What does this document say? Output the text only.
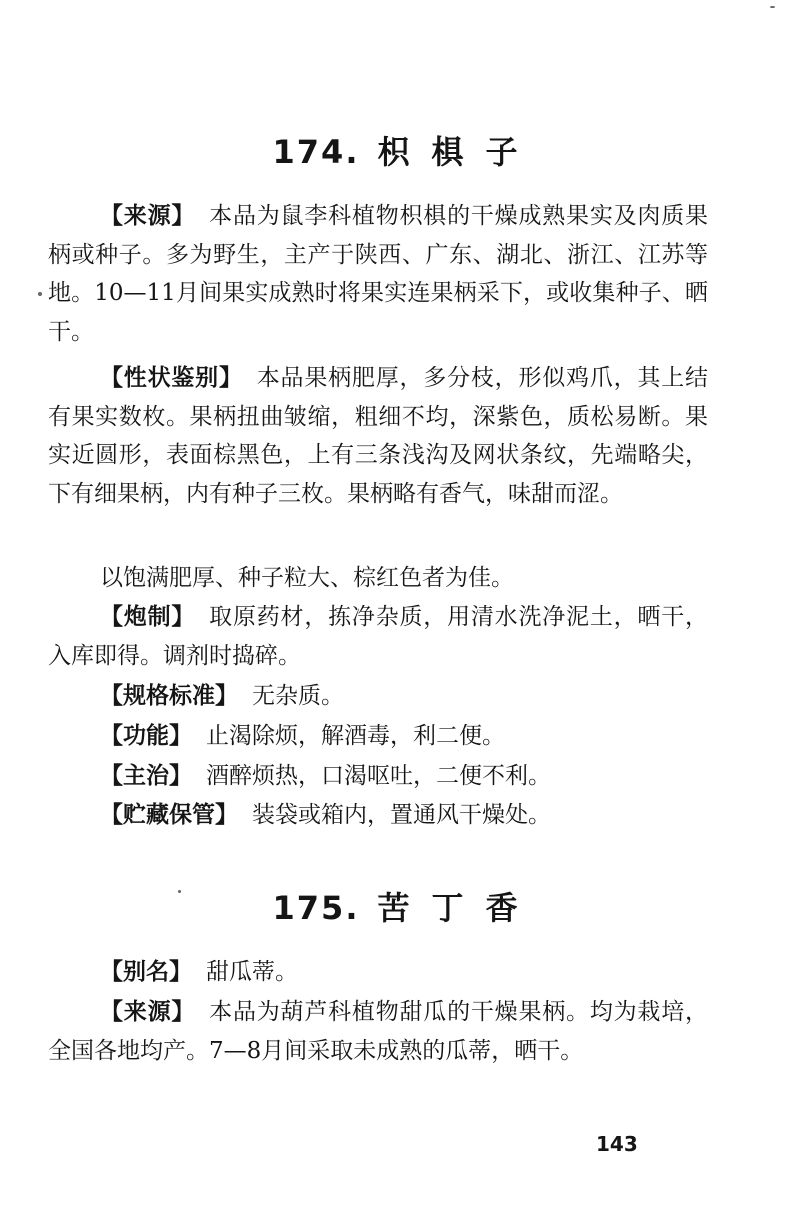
174. 枳椇子

【来源】 本品为鼠李科植物枳椇的干燥成熟果实及肉质果柄或种子。多为野生，主产于陕西、广东、湖北、浙江、江苏等地。10—11月间果实成熟时将果实连果柄采下，或收集种子、晒干。

【性状鉴别】 本品果柄肥厚，多分枝，形似鸡爪，其上结有果实数枚。果柄扭曲皱缩，粗细不均，深紫色，质松易断。果实近圆形，表面棕黑色，上有三条浅沟及网状条纹，先端略尖，下有细果柄，内有种子三枚。果柄略有香气，味甜而涩。

以饱满肥厚、种子粒大、棕红色者为佳。

【炮制】 取原药材，拣净杂质，用清水洗净泥土，晒干，入库即得。调剂时捣碎。

【规格标准】 无杂质。

【功能】 止渴除烦，解酒毒，利二便。

【主治】 酒醉烦热，口渴呕吐，二便不利。

【贮藏保管】 装袋或箱内，置通风干燥处。

175. 苦丁香

【别名】 甜瓜蒂。

【来源】 本品为葫芦科植物甜瓜的干燥果柄。均为栽培，全国各地均产。7—8月间采取未成熟的瓜蒂，晒干。

143
